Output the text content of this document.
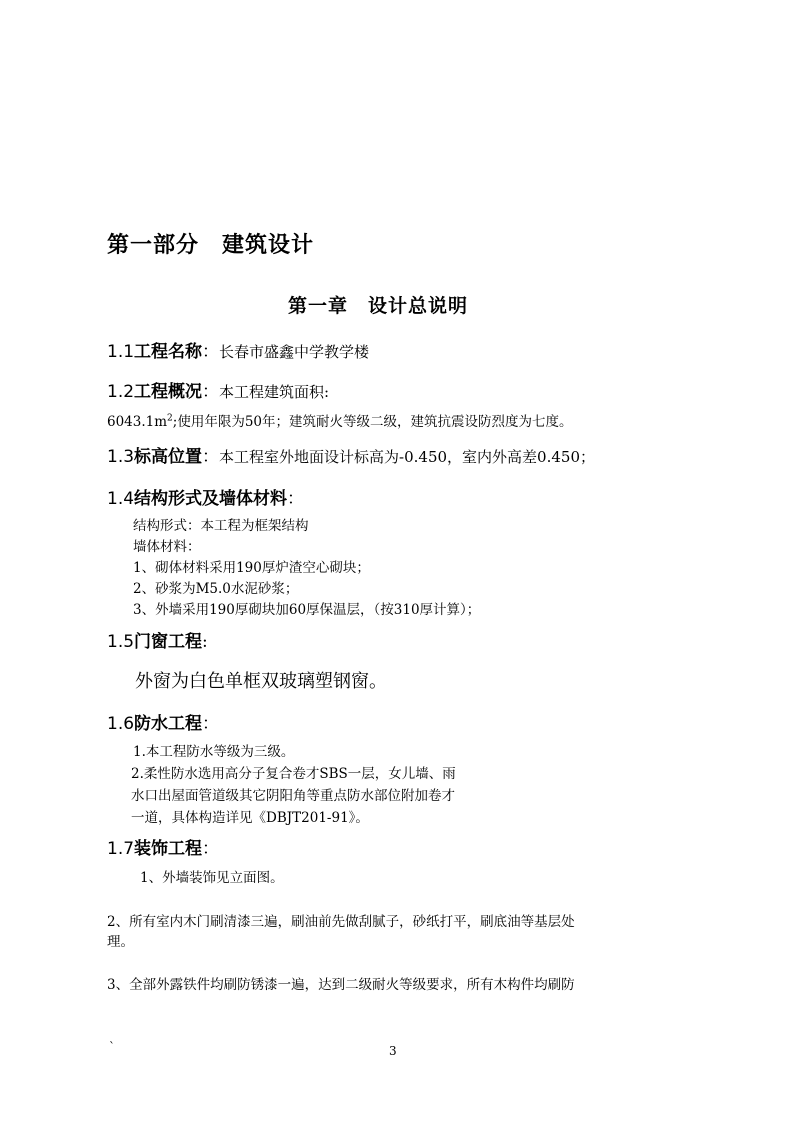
第一部分　建筑设计
第一章　设计总说明
1.1工程名称：长春市盛鑫中学教学楼
1.2工程概况：本工程建筑面积:
$6043.1m^2$;使用年限为50年；建筑耐火等级二级，建筑抗震设防烈度为七度。
1.3标高位置：本工程室外地面设计标高为-0.450，室内外高差0.450；
1.4结构形式及墙体材料：
结构形式：本工程为框架结构
墙体材料：
1、砌体材料采用190厚炉渣空心砌块；
2、砂浆为M5.0水泥砂浆；
3、外墙采用190厚砌块加60厚保温层，（按310厚计算）；
1.5门窗工程:
外窗为白色单框双玻璃塑钢窗。
1.6防水工程：
1.本工程防水等级为三级。
2.柔性防水选用高分子复合卷才SBS一层，女儿墙、雨
水口出屋面管道级其它阴阳角等重点防水部位附加卷才
一道，具体构造详见《DBJT201-91》。
1.7装饰工程：
1、外墙装饰见立面图。
2、所有室内木门刷清漆三遍，刷油前先做刮腻子，砂纸打平，刷底油等基层处
理。
3、全部外露铁件均刷防锈漆一遍，达到二级耐火等级要求，所有木构件均刷防
`	3
